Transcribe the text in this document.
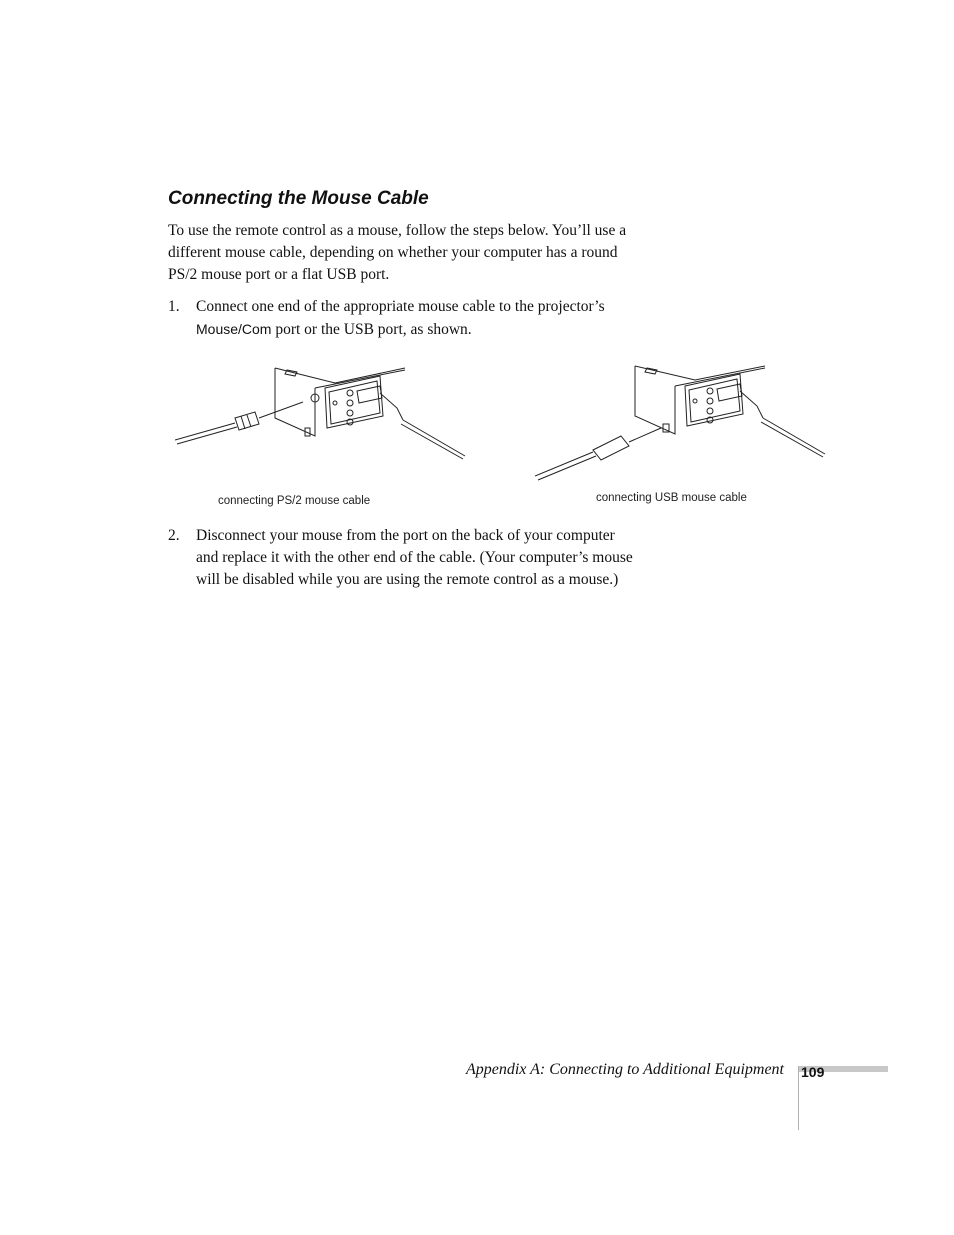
Connecting the Mouse Cable

To use the remote control as a mouse, follow the steps below. You’ll use a different mouse cable, depending on whether your computer has a round PS/2 mouse port or a flat USB port.

1. Connect one end of the appropriate mouse cable to the projector’s Mouse/Com port or the USB port, as shown.

connecting PS/2 mouse cable	connecting USB mouse cable

2. Disconnect your mouse from the port on the back of your computer and replace it with the other end of the cable. (Your computer’s mouse will be disabled while you are using the remote control as a mouse.)
Appendix A: Connecting to Additional Equipment 109
